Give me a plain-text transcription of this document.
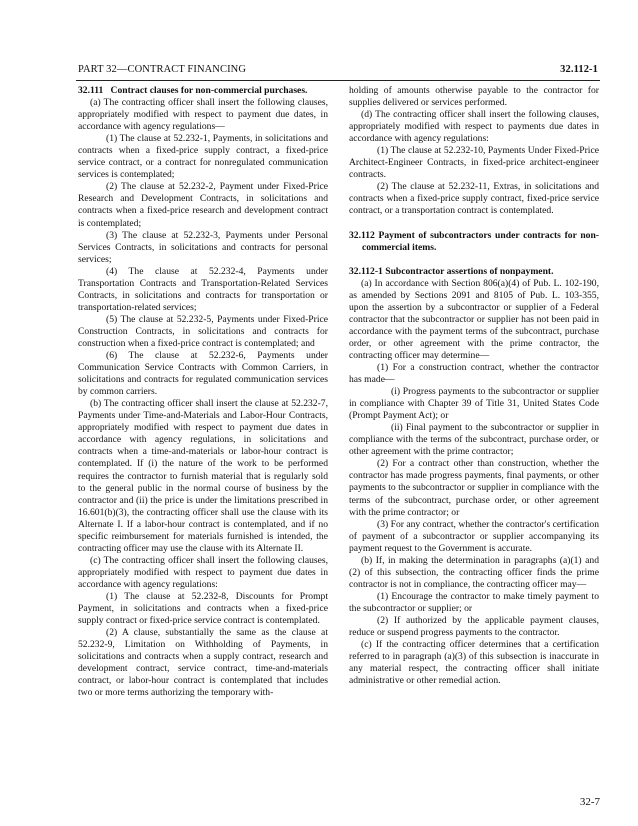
PART 32—CONTRACT FINANCING	32.112-1

32.111 Contract clauses for non-commercial purchases.

(a) The contracting officer shall insert the following clauses, appropriately modified with respect to payment due dates, in accordance with agency regulations—

(1) The clause at 52.232-1, Payments, in solicitations and contracts when a fixed-price supply contract, a fixed-price service contract, or a contract for nonregulated communication services is contemplated;

(2) The clause at 52.232-2, Payment under Fixed-Price Research and Development Contracts, in solicitations and contracts when a fixed-price research and development contract is contemplated;

(3) The clause at 52.232-3, Payments under Personal Services Contracts, in solicitations and contracts for personal services;

(4) The clause at 52.232-4, Payments under Transportation Contracts and Transportation-Related Services Contracts, in solicitations and contracts for transportation or transportation-related services;

(5) The clause at 52.232-5, Payments under Fixed-Price Construction Contracts, in solicitations and contracts for construction when a fixed-price contract is contemplated; and

(6) The clause at 52.232-6, Payments under Communication Service Contracts with Common Carriers, in solicitations and contracts for regulated communication services by common carriers.

(b) The contracting officer shall insert the clause at 52.232-7, Payments under Time-and-Materials and Labor-Hour Contracts, appropriately modified with respect to payment due dates in accordance with agency regulations, in solicitations and contracts when a time-and-materials or labor-hour contract is contemplated. If (i) the nature of the work to be performed requires the contractor to furnish material that is regularly sold to the general public in the normal course of business by the contractor and (ii) the price is under the limitations prescribed in 16.601(b)(3), the contracting officer shall use the clause with its Alternate I. If a labor-hour contract is contemplated, and if no specific reimbursement for materials furnished is intended, the contracting officer may use the clause with its Alternate II.

(c) The contracting officer shall insert the following clauses, appropriately modified with respect to payment due dates in accordance with agency regulations:

(1) The clause at 52.232-8, Discounts for Prompt Payment, in solicitations and contracts when a fixed-price supply contract or fixed-price service contract is contemplated.

(2) A clause, substantially the same as the clause at 52.232-9, Limitation on Withholding of Payments, in solicitations and contracts when a supply contract, research and development contract, service contract, time-and-materials contract, or labor-hour contract is contemplated that includes two or more terms authorizing the temporary with-

holding of amounts otherwise payable to the contractor for supplies delivered or services performed.

(d) The contracting officer shall insert the following clauses, appropriately modified with respect to payments due dates in accordance with agency regulations:

(1) The clause at 52.232-10, Payments Under Fixed-Price Architect-Engineer Contracts, in fixed-price architect-engineer contracts.

(2) The clause at 52.232-11, Extras, in solicitations and contracts when a fixed-price supply contract, fixed-price service contract, or a transportation contract is contemplated.

32.112 Payment of subcontractors under contracts for non-commercial items.

32.112-1 Subcontractor assertions of nonpayment.

(a) In accordance with Section 806(a)(4) of Pub. L. 102-190, as amended by Sections 2091 and 8105 of Pub. L. 103-355, upon the assertion by a subcontractor or supplier of a Federal contractor that the subcontractor or supplier has not been paid in accordance with the payment terms of the subcontract, purchase order, or other agreement with the prime contractor, the contracting officer may determine—

(1) For a construction contract, whether the contractor has made—

(i) Progress payments to the subcontractor or supplier in compliance with Chapter 39 of Title 31, United States Code (Prompt Payment Act); or

(ii) Final payment to the subcontractor or supplier in compliance with the terms of the subcontract, purchase order, or other agreement with the prime contractor;

(2) For a contract other than construction, whether the contractor has made progress payments, final payments, or other payments to the subcontractor or supplier in compliance with the terms of the subcontract, purchase order, or other agreement with the prime contractor; or

(3) For any contract, whether the contractor's certification of payment of a subcontractor or supplier accompanying its payment request to the Government is accurate.

(b) If, in making the determination in paragraphs (a)(1) and (2) of this subsection, the contracting officer finds the prime contractor is not in compliance, the contracting officer may—

(1) Encourage the contractor to make timely payment to the subcontractor or supplier; or

(2) If authorized by the applicable payment clauses, reduce or suspend progress payments to the contractor.

(c) If the contracting officer determines that a certification referred to in paragraph (a)(3) of this subsection is inaccurate in any material respect, the contracting officer shall initiate administrative or other remedial action.

32-7
